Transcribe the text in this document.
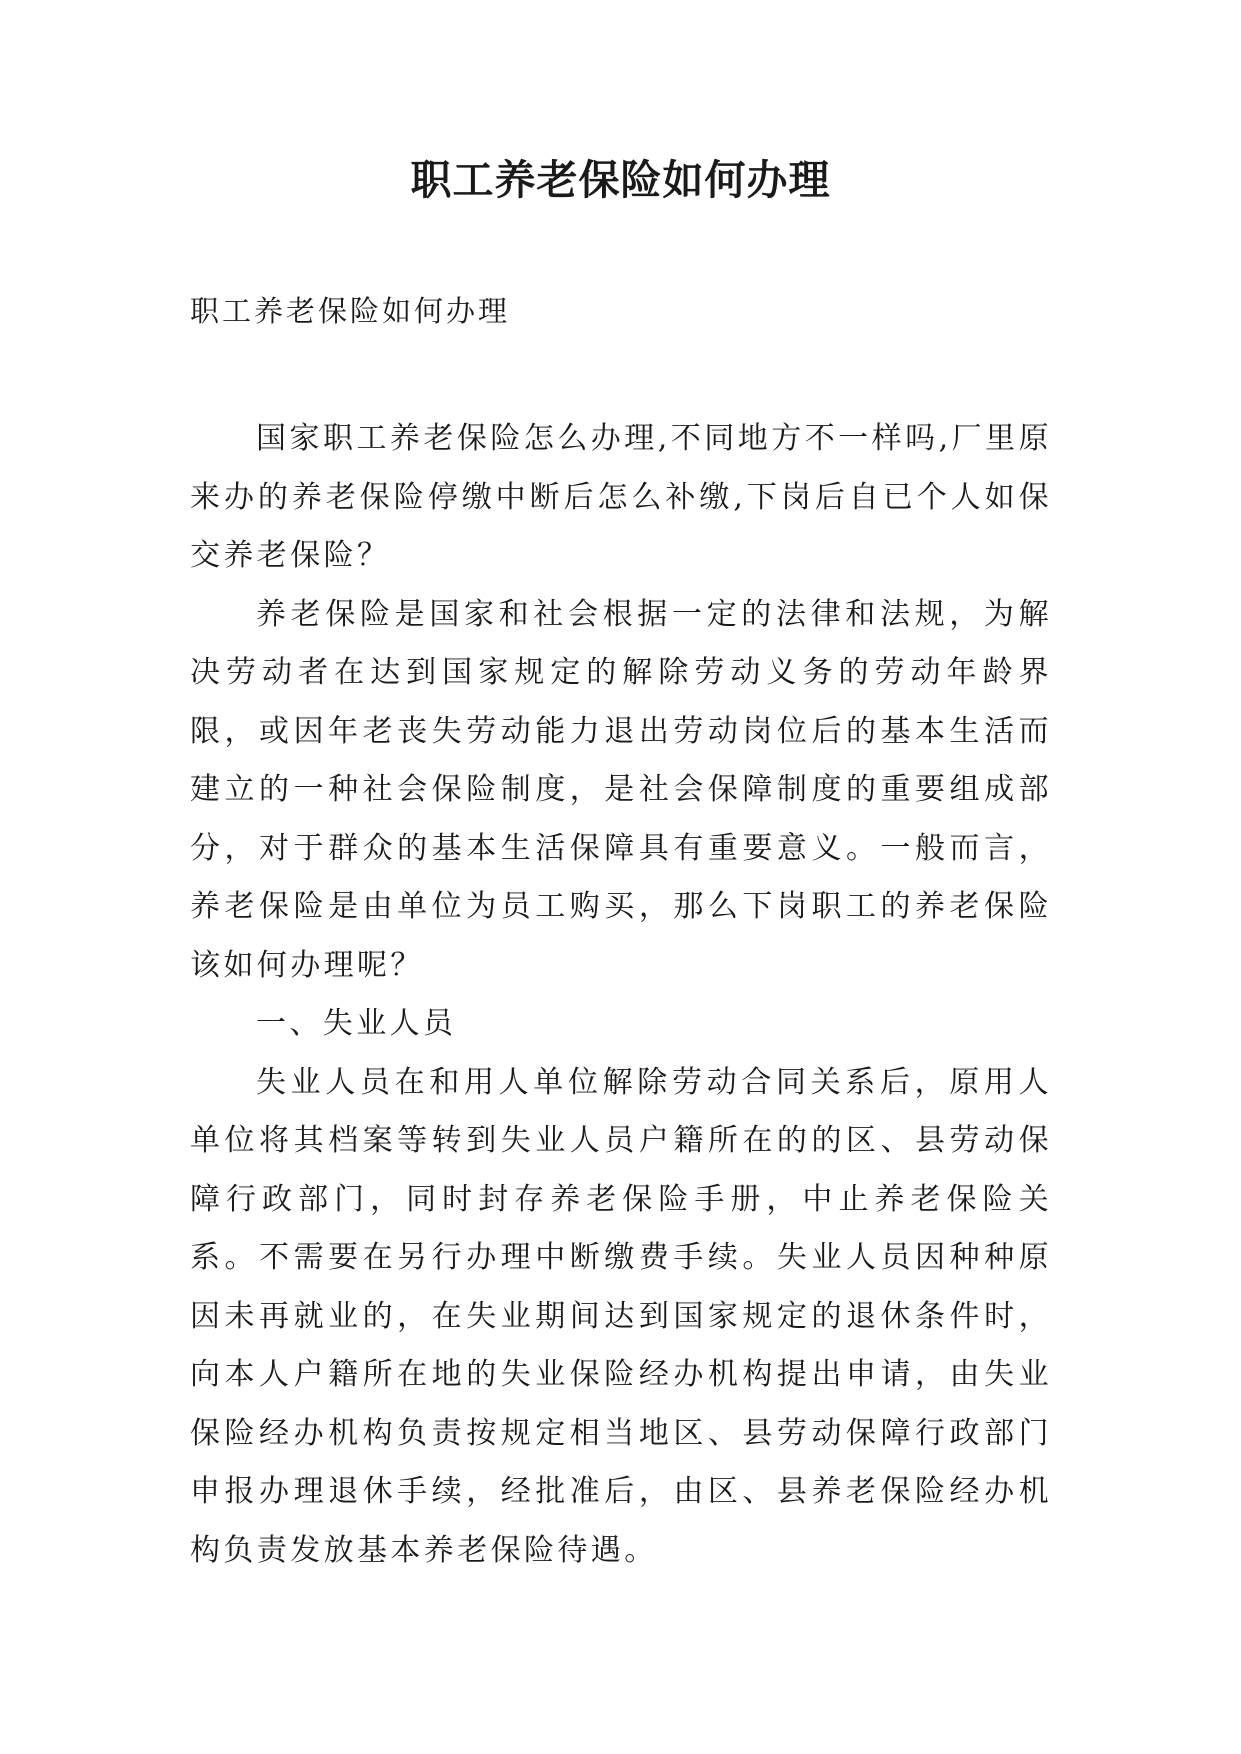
职工养老保险如何办理

职工养老保险如何办理

国家职工养老保险怎么办理,不同地方不一样吗,厂里原来办的养老保险停缴中断后怎么补缴,下岗后自已个人如保交养老保险？

养老保险是国家和社会根据一定的法律和法规，为解决劳动者在达到国家规定的解除劳动义务的劳动年龄界限，或因年老丧失劳动能力退出劳动岗位后的基本生活而建立的一种社会保险制度，是社会保障制度的重要组成部分，对于群众的基本生活保障具有重要意义。一般而言，养老保险是由单位为员工购买，那么下岗职工的养老保险该如何办理呢？

一、失业人员

失业人员在和用人单位解除劳动合同关系后，原用人单位将其档案等转到失业人员户籍所在的的区、县劳动保障行政部门，同时封存养老保险手册，中止养老保险关系。不需要在另行办理中断缴费手续。失业人员因种种原因未再就业的，在失业期间达到国家规定的退休条件时，向本人户籍所在地的失业保险经办机构提出申请，由失业保险经办机构负责按规定相当地区、县劳动保障行政部门申报办理退休手续，经批准后，由区、县养老保险经办机构负责发放基本养老保险待遇。
